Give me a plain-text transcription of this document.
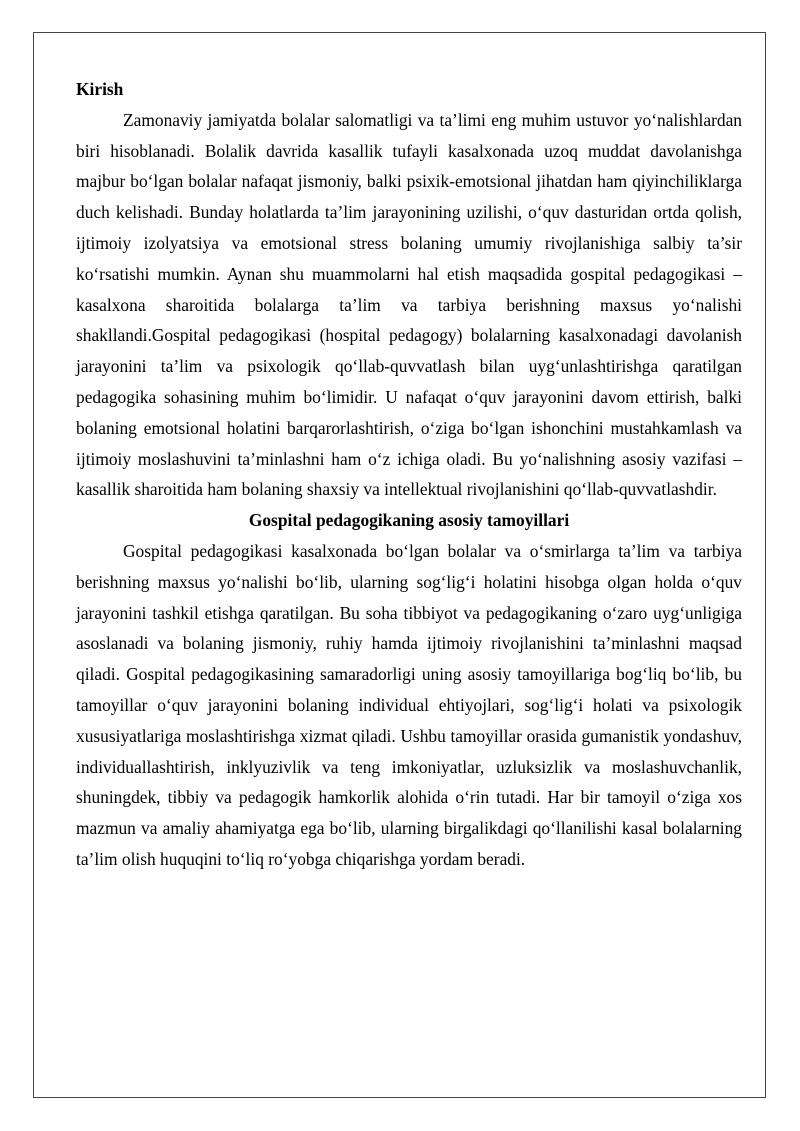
Kirish

Zamonaviy jamiyatda bolalar salomatligi va ta’limi eng muhim ustuvor yo‘nalishlardan biri hisoblanadi. Bolalik davrida kasallik tufayli kasalxonada uzoq muddat davolanishga majbur bo‘lgan bolalar nafaqat jismoniy, balki psixik-emotsional jihatdan ham qiyinchiliklarga duch kelishadi. Bunday holatlarda ta’lim jarayonining uzilishi, o‘quv dasturidan ortda qolish, ijtimoiy izolyatsiya va emotsional stress bolaning umumiy rivojlanishiga salbiy ta’sir ko‘rsatishi mumkin. Aynan shu muammolarni hal etish maqsadida gospital pedagogikasi – kasalxona sharoitida bolalarga ta’lim va tarbiya berishning maxsus yo‘nalishi shakllandi.Gospital pedagogikasi (hospital pedagogy) bolalarning kasalxonadagi davolanish jarayonini ta’lim va psixologik qo‘llab-quvvatlash bilan uyg‘unlashtirishga qaratilgan pedagogika sohasining muhim bo‘limidir. U nafaqat o‘quv jarayonini davom ettirish, balki bolaning emotsional holatini barqarorlashtirish, o‘ziga bo‘lgan ishonchini mustahkamlash va ijtimoiy moslashuvini ta’minlashni ham o‘z ichiga oladi. Bu yo‘nalishning asosiy vazifasi – kasallik sharoitida ham bolaning shaxsiy va intellektual rivojlanishini qo‘llab-quvvatlashdir.

Gospital pedagogikaning asosiy tamoyillari

Gospital pedagogikasi kasalxonada bo‘lgan bolalar va o‘smirlarga ta’lim va tarbiya berishning maxsus yo‘nalishi bo‘lib, ularning sog‘lig‘i holatini hisobga olgan holda o‘quv jarayonini tashkil etishga qaratilgan. Bu soha tibbiyot va pedagogikaning o‘zaro uyg‘unligiga asoslanadi va bolaning jismoniy, ruhiy hamda ijtimoiy rivojlanishini ta’minlashni maqsad qiladi. Gospital pedagogikasining samaradorligi uning asosiy tamoyillariga bog‘liq bo‘lib, bu tamoyillar o‘quv jarayonini bolaning individual ehtiyojlari, sog‘lig‘i holati va psixologik xususiyatlariga moslashtirishga xizmat qiladi. Ushbu tamoyillar orasida gumanistik yondashuv, individuallashtirish, inklyuzivlik va teng imkoniyatlar, uzluksizlik va moslashuvchanlik, shuningdek, tibbiy va pedagogik hamkorlik alohida o‘rin tutadi. Har bir tamoyil o‘ziga xos mazmun va amaliy ahamiyatga ega bo‘lib, ularning birgalikdagi qo‘llanilishi kasal bolalarning ta’lim olish huquqini to‘liq ro‘yobga chiqarishga yordam beradi.
